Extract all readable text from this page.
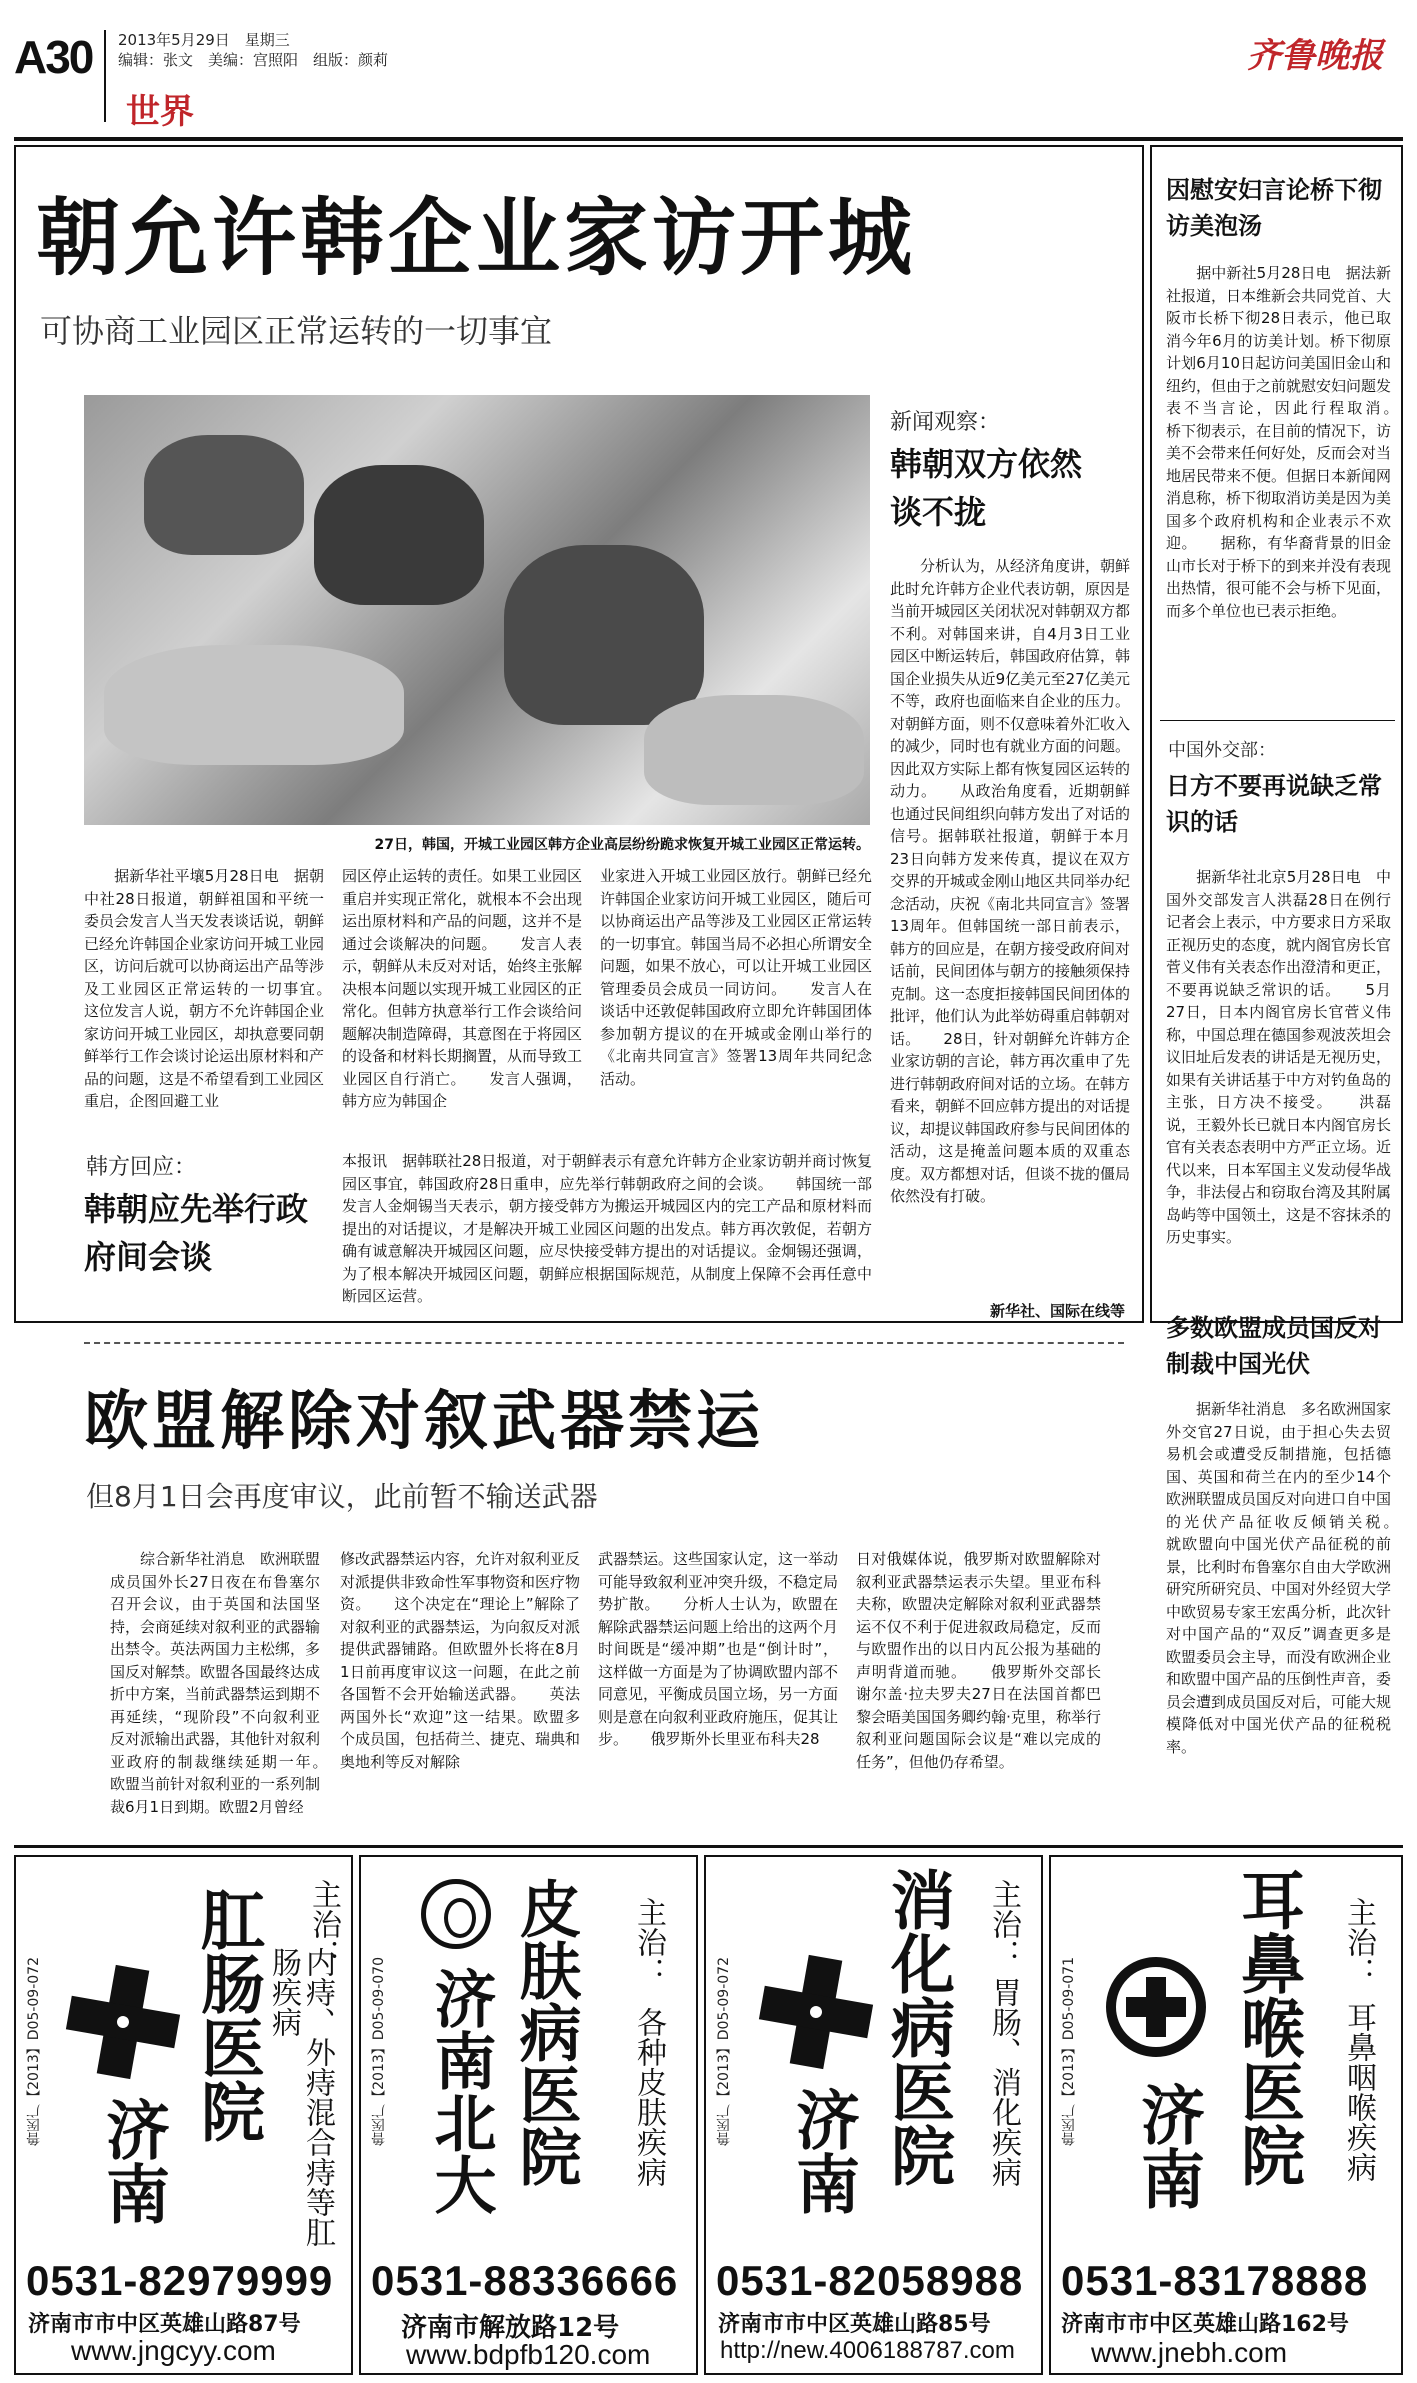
A30 2013年5月29日　星期三
编辑：张文　美编：宫照阳　组版：颜莉
世界
齐鲁晚报
朝允许韩企业家访开城
可协商工业园区正常运转的一切事宜
27日，韩国，开城工业园区韩方企业高层纷纷跪求恢复开城工业园区正常运转。
　　据新华社平壤5月28日电　据朝中社28日报道，朝鲜祖国和平统一委员会发言人当天发表谈话说，朝鲜已经允许韩国企业家访问开城工业园区，访问后就可以协商运出产品等涉及工业园区正常运转的一切事宜。　　这位发言人说，朝方不允许韩国企业家访问开城工业园区，却执意要同朝鲜举行工作会谈讨论运出原材料和产品的问题，这是不希望看到工业园区重启，企图回避工业
园区停止运转的责任。如果工业园区重启并实现正常化，就根本不会出现运出原材料和产品的问题，这并不是通过会谈解决的问题。　　发言人表示，朝鲜从未反对对话，始终主张解决根本问题以实现开城工业园区的正常化。但韩方执意举行工作会谈给问题解决制造障碍，其意图在于将园区的设备和材料长期搁置，从而导致工业园区自行消亡。　　发言人强调，韩方应为韩国企
业家进入开城工业园区放行。朝鲜已经允许韩国企业家访问开城工业园区，随后可以协商运出产品等涉及工业园区正常运转的一切事宜。韩国当局不必担心所谓安全问题，如果不放心，可以让开城工业园区管理委员会成员一同访问。　　发言人在谈话中还敦促韩国政府立即允许韩国团体参加朝方提议的在开城或金刚山举行的《北南共同宣言》签署13周年共同纪念活动。
韩方回应：
韩朝应先举行政府间会谈
本报讯　据韩联社28日报道，对于朝鲜表示有意允许韩方企业家访朝并商讨恢复园区事宜，韩国政府28日重申，应先举行韩朝政府之间的会谈。　　韩国统一部发言人金炯锡当天表示，朝方接受韩方为搬运开城园区内的完工产品和原材料而提出的对话提议，才是解决开城工业园区问题的出发点。韩方再次敦促，若朝方确有诚意解决开城园区问题，应尽快接受韩方提出的对话提议。金炯锡还强调，为了根本解决开城园区问题，朝鲜应根据国际规范，从制度上保障不会再任意中断园区运营。
新闻观察：
韩朝双方依然谈不拢
　　分析认为，从经济角度讲，朝鲜此时允许韩方企业代表访朝，原因是当前开城园区关闭状况对韩朝双方都不利。对韩国来讲，自4月3日工业园区中断运转后，韩国政府估算，韩国企业损失从近9亿美元至27亿美元不等，政府也面临来自企业的压力。对朝鲜方面，则不仅意味着外汇收入的减少，同时也有就业方面的问题。因此双方实际上都有恢复园区运转的动力。　　从政治角度看，近期朝鲜也通过民间组织向韩方发出了对话的信号。据韩联社报道，朝鲜于本月23日向韩方发来传真，提议在双方交界的开城或金刚山地区共同举办纪念活动，庆祝《南北共同宣言》签署13周年。但韩国统一部日前表示，韩方的回应是，在朝方接受政府间对话前，民间团体与朝方的接触须保持克制。这一态度拒接韩国民间团体的批评，他们认为此举妨碍重启韩朝对话。　　28日，针对朝鲜允许韩方企业家访朝的言论，韩方再次重申了先进行韩朝政府间对话的立场。在韩方看来，朝鲜不回应韩方提出的对话提议，却提议韩国政府参与民间团体的活动，这是掩盖问题本质的双重态度。双方都想对话，但谈不拢的僵局依然没有打破。
新华社、国际在线等
因慰安妇言论桥下彻访美泡汤
　　据中新社5月28日电　据法新社报道，日本维新会共同党首、大阪市长桥下彻28日表示，他已取消今年6月的访美计划。桥下彻原计划6月10日起访问美国旧金山和纽约，但由于之前就慰安妇问题发表不当言论，因此行程取消。　　桥下彻表示，在目前的情况下，访美不会带来任何好处，反而会对当地居民带来不便。但据日本新闻网消息称，桥下彻取消访美是因为美国多个政府机构和企业表示不欢迎。　　据称，有华裔背景的旧金山市长对于桥下的到来并没有表现出热情，很可能不会与桥下见面，而多个单位也已表示拒绝。
中国外交部：
日方不要再说缺乏常识的话
　　据新华社北京5月28日电　中国外交部发言人洪磊28日在例行记者会上表示，中方要求日方采取正视历史的态度，就内阁官房长官菅义伟有关表态作出澄清和更正，不要再说缺乏常识的话。　　5月27日，日本内阁官房长官菅义伟称，中国总理在德国参观波茨坦会议旧址后发表的讲话是无视历史，如果有关讲话基于中方对钓鱼岛的主张，日方决不接受。　　洪磊说，王毅外长已就日本内阁官房长官有关表态表明中方严正立场。近代以来，日本军国主义发动侵华战争，非法侵占和窃取台湾及其附属岛屿等中国领土，这是不容抹杀的历史事实。
多数欧盟成员国反对制裁中国光伏
　　据新华社消息　多名欧洲国家外交官27日说，由于担心失去贸易机会或遭受反制措施，包括德国、英国和荷兰在内的至少14个欧洲联盟成员国反对向进口自中国的光伏产品征收反倾销关税。　　就欧盟向中国光伏产品征税的前景，比利时布鲁塞尔自由大学欧洲研究所研究员、中国对外经贸大学中欧贸易专家王宏禹分析，此次针对中国产品的“双反”调查更多是欧盟委员会主导，而没有欧洲企业和欧盟中国产品的压倒性声音，委员会遭到成员国反对后，可能大规模降低对中国光伏产品的征税税率。
欧盟解除对叙武器禁运
但8月1日会再度审议，此前暂不输送武器
　　综合新华社消息　欧洲联盟成员国外长27日夜在布鲁塞尔召开会议，由于英国和法国坚持，会商延续对叙利亚的武器输出禁令。英法两国力主松绑，多国反对解禁。欧盟各国最终达成折中方案，当前武器禁运到期不再延续，“现阶段”不向叙利亚反对派输出武器，其他针对叙利亚政府的制裁继续延期一年。　　欧盟当前针对叙利亚的一系列制裁6月1日到期。欧盟2月曾经
修改武器禁运内容，允许对叙利亚反对派提供非致命性军事物资和医疗物资。　　这个决定在“理论上”解除了对叙利亚的武器禁运，为向叙反对派提供武器铺路。但欧盟外长将在8月1日前再度审议这一问题，在此之前各国暂不会开始输送武器。　　英法两国外长“欢迎”这一结果。欧盟多个成员国，包括荷兰、捷克、瑞典和奥地利等反对解除
武器禁运。这些国家认定，这一举动可能导致叙利亚冲突升级，不稳定局势扩散。　　分析人士认为，欧盟在解除武器禁运问题上给出的这两个月时间既是“缓冲期”也是“倒计时”，这样做一方面是为了协调欧盟内部不同意见，平衡成员国立场，另一方面则是意在向叙利亚政府施压，促其让步。　　俄罗斯外长里亚布科夫28
日对俄媒体说，俄罗斯对欧盟解除对叙利亚武器禁运表示失望。里亚布科夫称，欧盟决定解除对叙利亚武器禁运不仅不利于促进叙政局稳定，反而与欧盟作出的以日内瓦公报为基础的声明背道而驰。　　俄罗斯外交部长谢尔盖·拉夫罗夫27日在法国首都巴黎会晤美国国务卿约翰·克里，称举行叙利亚问题国际会议是“难以完成的任务”，但他仍存希望。
鲁医广【2013】D05-09-072
济南
肛肠医院 主治：
内痔、外痔混合痔等肛肠疾病
0531-82979999
济南市市中区英雄山路87号
www.jngcyy.com
鲁医广【2013】D05-09-070 济南北大 皮肤病医院 主治：
各种皮肤疾病
0531-88336666
济南市解放路12号
www.bdpfb120.com
鲁医广【2013】D05-09-072
济南 消化病医院 主治：
胃肠、消化疾病
0531-82058988
济南市市中区英雄山路85号
http://new.4006188787.com
鲁医广【2013】D05-09-071
济南 耳鼻喉医院 主治：
耳鼻咽喉疾病
0531-83178888
济南市市中区英雄山路162号
www.jnebh.com
